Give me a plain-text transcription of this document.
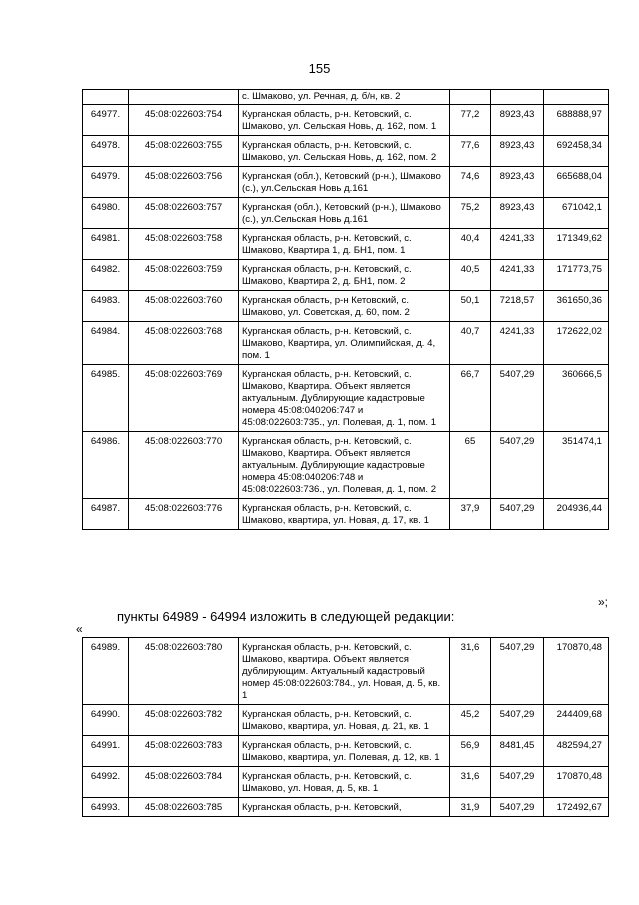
155
		с. Шмаково, ул. Речная, д. б/н, кв. 2			
64977.	45:08:022603:754	Курганская область, р-н. Кетовский, с. Шмаково, ул. Сельская Новь, д. 162, пом. 1	77,2	8923,43	688888,97
64978.	45:08:022603:755	Курганская область, р-н. Кетовский, с. Шмаково, ул. Сельская Новь, д. 162, пом. 2	77,6	8923,43	692458,34
64979.	45:08:022603:756	Курганская (обл.), Кетовский (р-н.), Шмаково (с.), ул.Сельская Новь д.161	74,6	8923,43	665688,04
64980.	45:08:022603:757	Курганская (обл.), Кетовский (р-н.), Шмаково (с.), ул.Сельская Новь д.161	75,2	8923,43	671042,1
64981.	45:08:022603:758	Курганская область, р-н. Кетовский, с. Шмаково, Квартира 1, д. БН1, пом. 1	40,4	4241,33	171349,62
64982.	45:08:022603:759	Курганская область, р-н. Кетовский, с. Шмаково, Квартира 2, д. БН1, пом. 2	40,5	4241,33	171773,75
64983.	45:08:022603:760	Курганская область, р-н Кетовский, с. Шмаково, ул. Советская, д. 60, пом. 2	50,1	7218,57	361650,36
64984.	45:08:022603:768	Курганская область, р-н. Кетовский, с. Шмаково, Квартира, ул. Олимпийская, д. 4, пом. 1	40,7	4241,33	172622,02
64985.	45:08:022603:769	Курганская область, р-н. Кетовский, с. Шмаково, Квартира. Объект является актуальным. Дублирующие кадастровые номера 45:08:040206:747 и 45:08:022603:735., ул. Полевая, д. 1, пом. 1	66,7	5407,29	360666,5
64986.	45:08:022603:770	Курганская область, р-н. Кетовский, с. Шмаково, Квартира. Объект является актуальным. Дублирующие кадастровые номера 45:08:040206:748 и 45:08:022603:736., ул. Полевая, д. 1, пом. 2	65	5407,29	351474,1
64987.	45:08:022603:776	Курганская область, р-н. Кетовский, с. Шмаково, квартира, ул. Новая, д. 17, кв. 1	37,9	5407,29	204936,44
»;
пункты 64989 - 64994 изложить в следующей редакции:
«
64989.	45:08:022603:780	Курганская область, р-н. Кетовский, с. Шмаково, квартира. Объект является дублирующим. Актуальный кадастровый номер 45:08:022603:784., ул. Новая, д. 5, кв. 1	31,6	5407,29	170870,48
64990.	45:08:022603:782	Курганская область, р-н. Кетовский, с. Шмаково, квартира, ул. Новая, д. 21, кв. 1	45,2	5407,29	244409,68
64991.	45:08:022603:783	Курганская область, р-н. Кетовский, с. Шмаково, квартира, ул. Полевая, д. 12, кв. 1	56,9	8481,45	482594,27
64992.	45:08:022603:784	Курганская область, р-н. Кетовский, с. Шмаково, ул. Новая, д. 5, кв. 1	31,6	5407,29	170870,48
64993.	45:08:022603:785	Курганская область, р-н. Кетовский,	31,9	5407,29	172492,67
